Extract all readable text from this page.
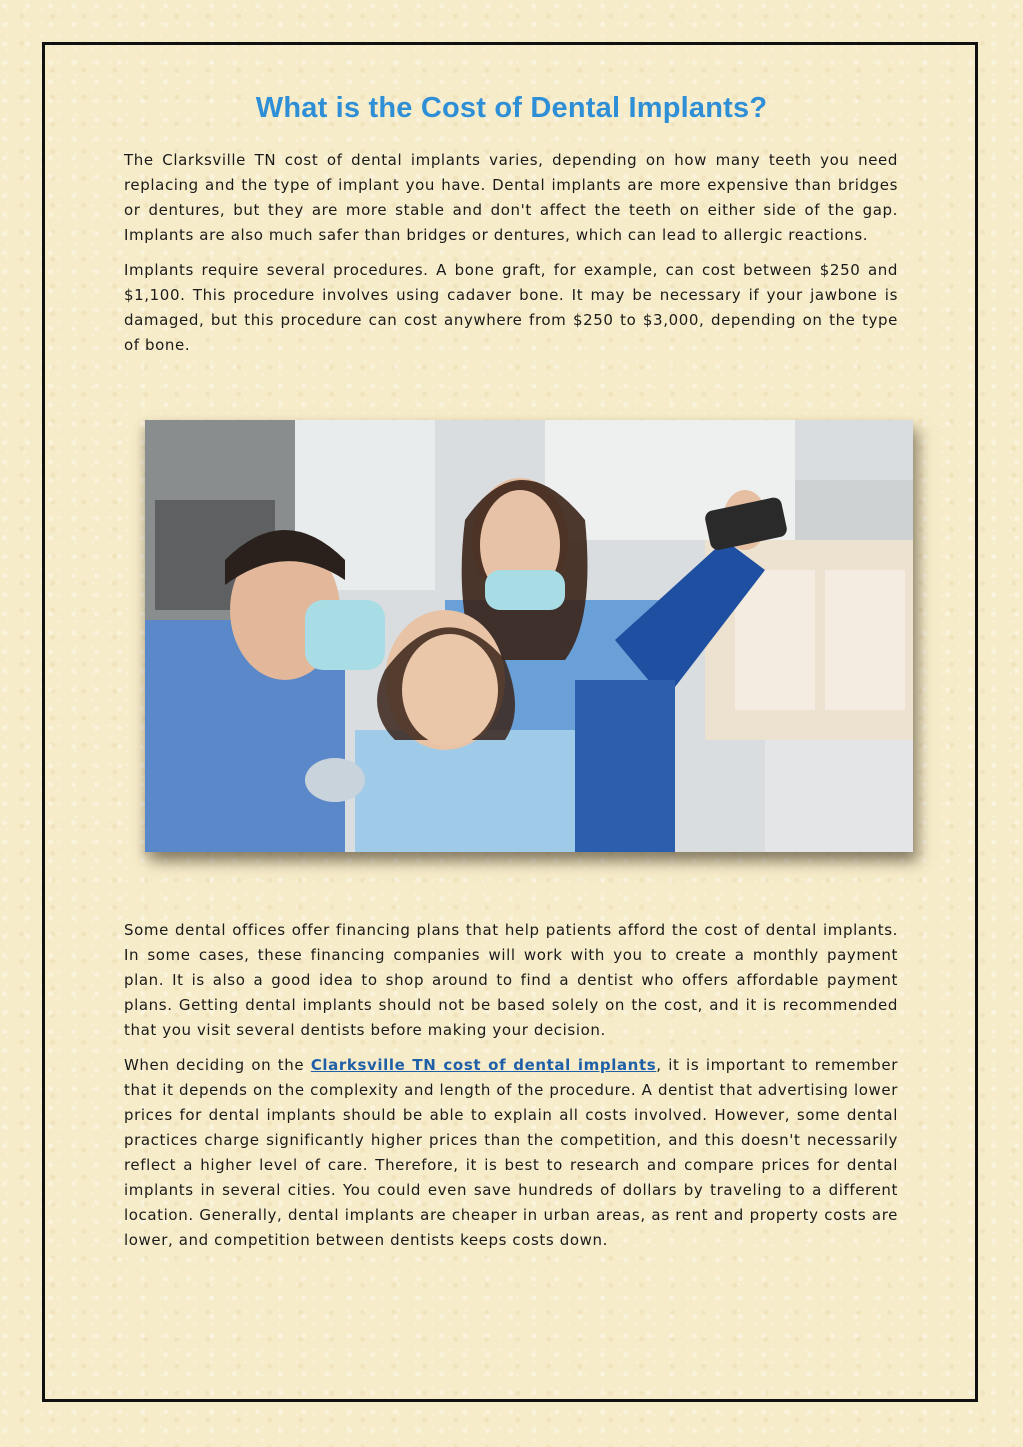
What is the Cost of Dental Implants?

The Clarksville TN cost of dental implants varies, depending on how many teeth you need replacing and the type of implant you have. Dental implants are more expensive than bridges or dentures, but they are more stable and don't affect the teeth on either side of the gap. Implants are also much safer than bridges or dentures, which can lead to allergic reactions.

Implants require several procedures. A bone graft, for example, can cost between $250 and $1,100. This procedure involves using cadaver bone. It may be necessary if your jawbone is damaged, but this procedure can cost anywhere from $250 to $3,000, depending on the type of bone.

Some dental offices offer financing plans that help patients afford the cost of dental implants. In some cases, these financing companies will work with you to create a monthly payment plan. It is also a good idea to shop around to find a dentist who offers affordable payment plans. Getting dental implants should not be based solely on the cost, and it is recommended that you visit several dentists before making your decision.

When deciding on the Clarksville TN cost of dental implants, it is important to remember that it depends on the complexity and length of the procedure. A dentist that advertising lower prices for dental implants should be able to explain all costs involved. However, some dental practices charge significantly higher prices than the competition, and this doesn't necessarily reflect a higher level of care. Therefore, it is best to research and compare prices for dental implants in several cities. You could even save hundreds of dollars by traveling to a different location. Generally, dental implants are cheaper in urban areas, as rent and property costs are lower, and competition between dentists keeps costs down.
